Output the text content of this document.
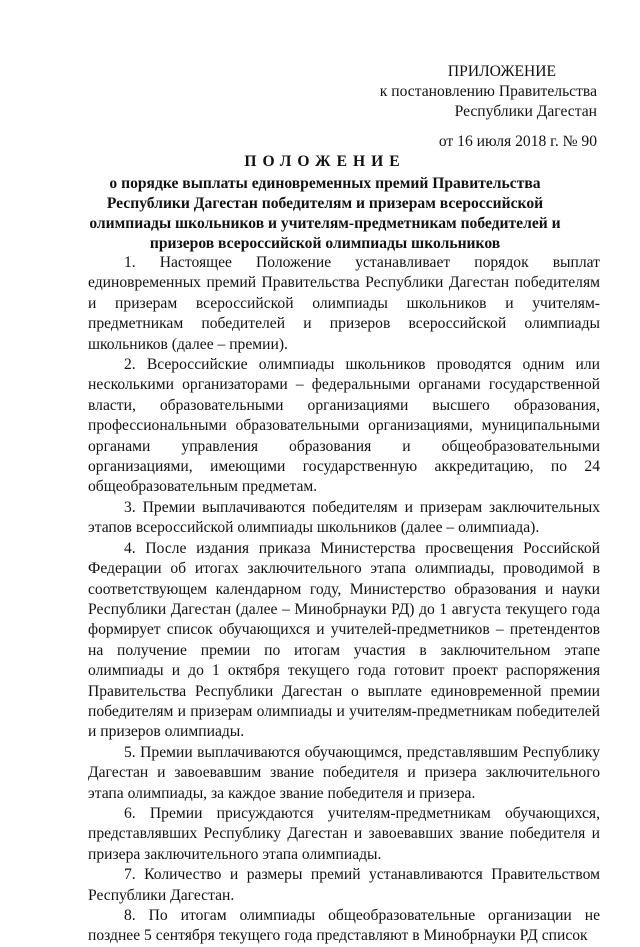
ПРИЛОЖЕНИЕ
к постановлению Правительства
Республики Дагестан
от 16 июля 2018 г. № 90
ПОЛОЖЕНИЕ
о порядке выплаты единовременных премий Правительства Республики Дагестан победителям и призерам всероссийской олимпиады школьников и учителям-предметникам победителей и призеров всероссийской олимпиады школьников

1. Настоящее Положение устанавливает порядок выплат единовременных премий Правительства Республики Дагестан победителям и призерам всероссийской олимпиады школьников и учителям-предметникам победителей и призеров всероссийской олимпиады школьников (далее – премии).

2. Всероссийские олимпиады школьников проводятся одним или несколькими организаторами – федеральными органами государственной власти, образовательными организациями высшего образования, профессиональными образовательными организациями, муниципальными органами управления образования и общеобразовательными организациями, имеющими государственную аккредитацию, по 24 общеобразовательным предметам.

3. Премии выплачиваются победителям и призерам заключительных этапов всероссийской олимпиады школьников (далее – олимпиада).

4. После издания приказа Министерства просвещения Российской Федерации об итогах заключительного этапа олимпиады, проводимой в соответствующем календарном году, Министерство образования и науки Республики Дагестан (далее – Минобрнауки РД) до 1 августа текущего года формирует список обучающихся и учителей-предметников – претендентов на получение премии по итогам участия в заключительном этапе олимпиады и до 1 октября текущего года готовит проект распоряжения Правительства Республики Дагестан о выплате единовременной премии победителям и призерам олимпиады и учителям-предметникам победителей и призеров олимпиады.

5. Премии выплачиваются обучающимся, представлявшим Республику Дагестан и завоевавшим звание победителя и призера заключительного этапа олимпиады, за каждое звание победителя и призера.

6. Премии присуждаются учителям-предметникам обучающихся, представлявших Республику Дагестан и завоевавших звание победителя и призера заключительного этапа олимпиады.

7. Количество и размеры премий устанавливаются Правительством Республики Дагестан.

8. По итогам олимпиады общеобразовательные организации не позднее 5 сентября текущего года представляют в Минобрнауки РД список
